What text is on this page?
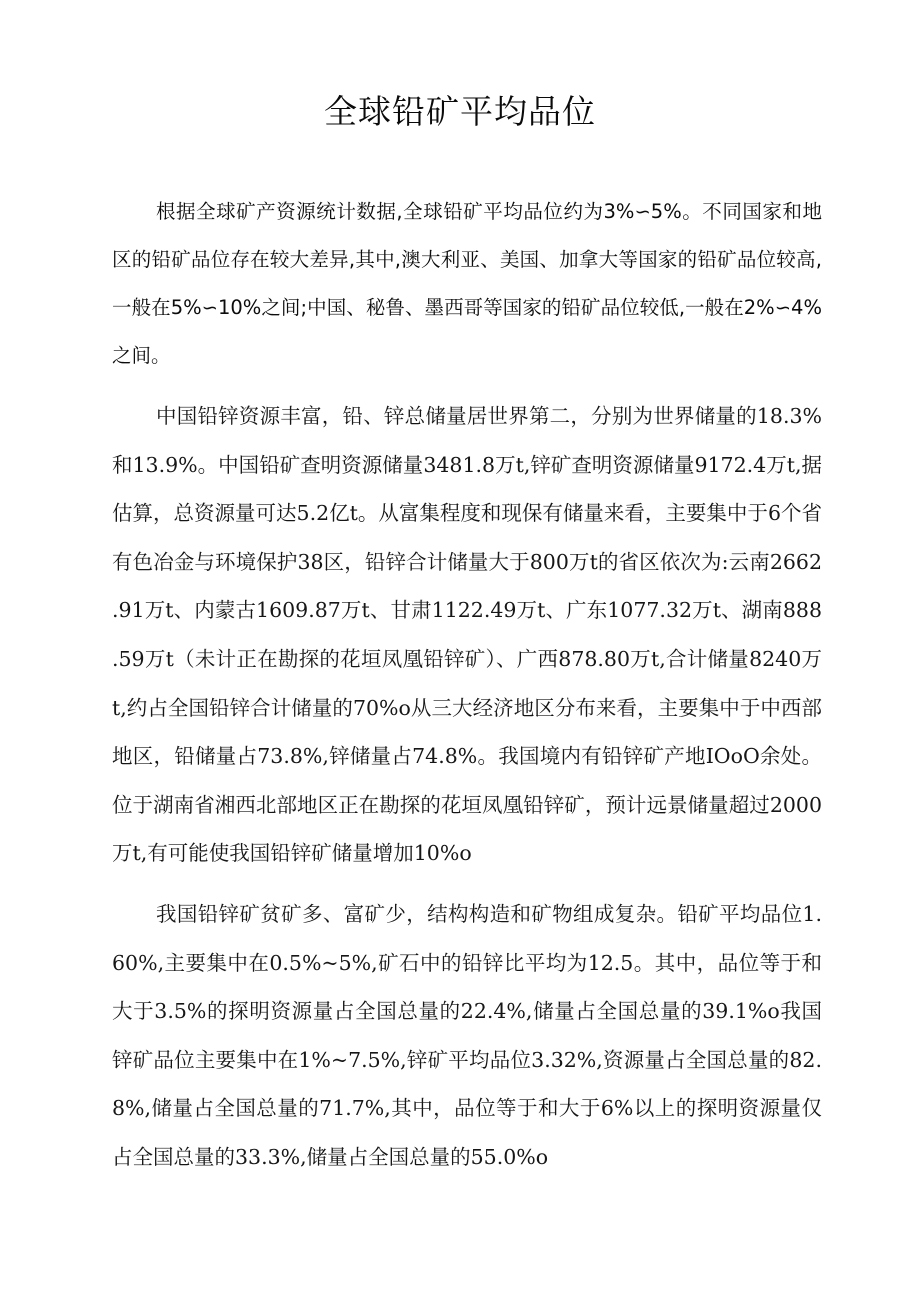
全球铅矿平均品位

根据全球矿产资源统计数据,全球铅矿平均品位约为3%∽5%。不同国家和地区的铅矿品位存在较大差异,其中,澳大利亚、美国、加拿大等国家的铅矿品位较高,一般在5%∽10%之间;中国、秘鲁、墨西哥等国家的铅矿品位较低,一般在2%∽4%之间。

中国铅锌资源丰富，铅、锌总储量居世界第二，分别为世界储量的18.3%和13.9%。中国铅矿查明资源储量3481.8万t,锌矿查明资源储量9172.4万t,据估算，总资源量可达5.2亿t。从富集程度和现保有储量来看，主要集中于6个省有色冶金与环境保护38区，铅锌合计储量大于800万t的省区依次为:云南2662.91万t、内蒙古1609.87万t、甘肃1122.49万t、广东1077.32万t、湖南888.59万t（未计正在勘探的花垣凤凰铅锌矿）、广西878.80万t,合计储量8240万t,约占全国铅锌合计储量的70%o从三大经济地区分布来看，主要集中于中西部地区，铅储量占73.8%,锌储量占74.8%。我国境内有铅锌矿产地IOoO余处。位于湖南省湘西北部地区正在勘探的花垣凤凰铅锌矿，预计远景储量超过2000万t,有可能使我国铅锌矿储量增加10%o

我国铅锌矿贫矿多、富矿少，结构构造和矿物组成复杂。铅矿平均品位1.60%,主要集中在0.5%~5%,矿石中的铅锌比平均为12.5。其中，品位等于和大于3.5%的探明资源量占全国总量的22.4%,储量占全国总量的39.1%o我国锌矿品位主要集中在1%~7.5%,锌矿平均品位3.32%,资源量占全国总量的82.8%,储量占全国总量的71.7%,其中，品位等于和大于6%以上的探明资源量仅占全国总量的33.3%,储量占全国总量的55.0%o
